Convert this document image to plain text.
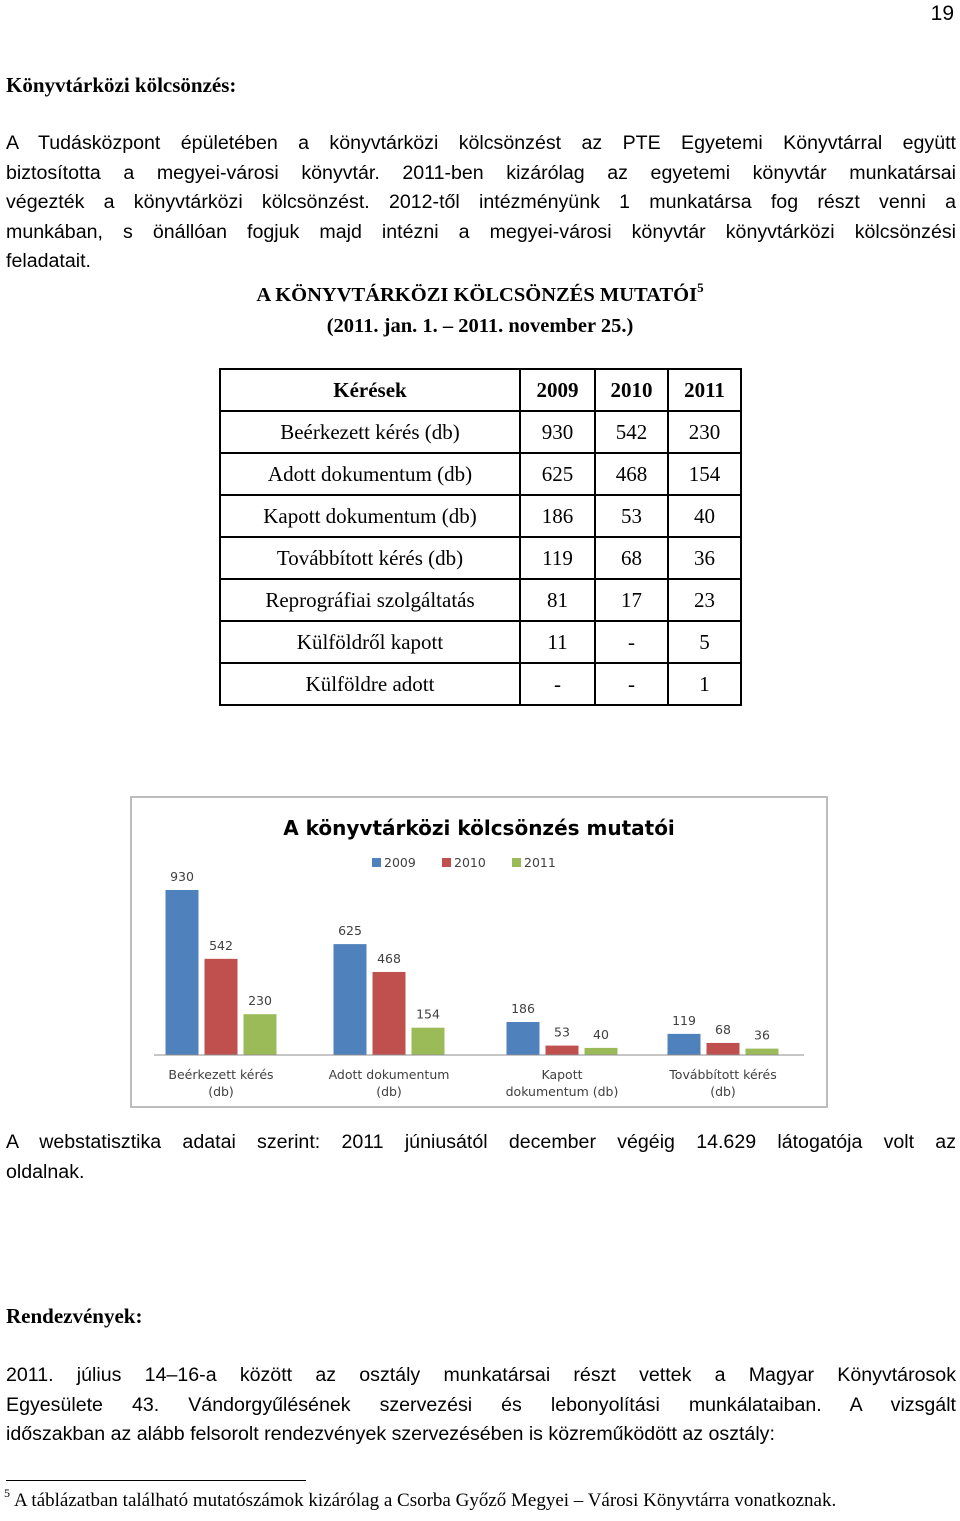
19
Könyvtárközi kölcsönzés:
A Tudásközpont épületében a könyvtárközi kölcsönzést az PTE Egyetemi Könyvtárral együtt
biztosította a megyei-városi könyvtár. 2011-ben kizárólag az egyetemi könyvtár munkatársai
végezték a könyvtárközi kölcsönzést. 2012-től intézményünk 1 munkatársa fog részt venni a
munkában, s önállóan fogjuk majd intézni a megyei-városi könyvtár könyvtárközi kölcsönzési
feladatait.
A KÖNYVTÁRKÖZI KÖLCSÖNZÉS MUTATÓI$^5$
(2011. jan. 1. – 2011. november 25.)
Kérések	2009	2010	2011
Beérkezett kérés (db)	930	542	230
Adott dokumentum (db)	625	468	154
Kapott dokumentum (db)	186	53	40
Továbbított kérés (db)	119	68	36
Reprográfiai szolgáltatás	81	17	23
Külföldről kapott	11	-	5
Külföldre adott	-	-	1
A könyvtárközi kölcsönzés mutatói
2009	2010	2011
930
542
230
Beérkezett kérés
(db)
625
468
154
Adott dokumentum
(db)
186
53 40
Kapott
dokumentum (db)
119
68 36
Továbbított kérés
(db)
A webstatisztika adatai szerint: 2011 júniusától december végéig 14.629 látogatója volt az
oldalnak.
Rendezvények:
2011. július 14–16-a között az osztály munkatársai részt vettek a Magyar Könyvtárosok
Egyesülete 43. Vándorgyűlésének szervezési és lebonyolítási munkálataiban. A vizsgált
időszakban az alább felsorolt rendezvények szervezésében is közreműködött az osztály:
$^5$ A táblázatban található mutatószámok kizárólag a Csorba Győző Megyei – Városi Könyvtárra vonatkoznak.
